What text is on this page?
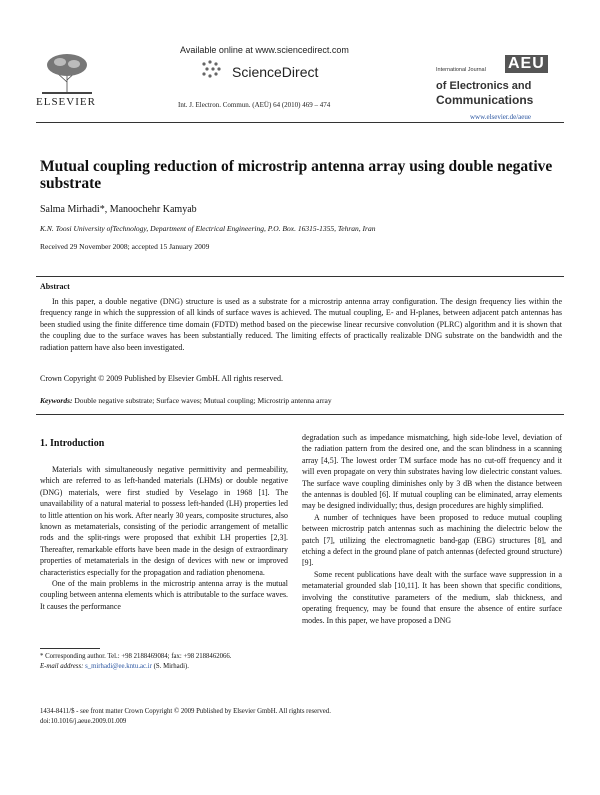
Available online at www.sciencedirect.com
ScienceDirect
Int. J. Electron. Commun. (AEÜ) 64 (2010) 469 – 474
ELSEVIER
International Journal AEU
of Electronics and
Communications
www.elsevier.de/aeue
Mutual coupling reduction of microstrip antenna array using double negative substrate
Salma Mirhadi*, Manoochehr Kamyab
K.N. Toosi University ofTechnology, Department of Electrical Engineering, P.O. Box. 16315-1355, Tehran, Iran
Received 29 November 2008; accepted 15 January 2009
Abstract
In this paper, a double negative (DNG) structure is used as a substrate for a microstrip antenna array configuration. The design frequency lies within the frequency range in which the suppression of all kinds of surface waves is achieved. The mutual coupling, E- and H-planes, between adjacent patch antennas has been studied using the finite difference time domain (FDTD) method based on the piecewise linear recursive convolution (PLRC) algorithm and it is shown that the coupling due to the surface waves has been substantially reduced. The limiting effects of practically realizable DNG substrate on the bandwidth and the radiation pattern have also been investigated.
Crown Copyright © 2009 Published by Elsevier GmbH. All rights reserved.
Keywords: Double negative substrate; Surface waves; Mutual coupling; Microstrip antenna array
1. Introduction

Materials with simultaneously negative permittivity and permeability, which are referred to as left-handed materials (LHMs) or double negative (DNG) materials, were first studied by Veselago in 1968 [1]. The unavailability of a natural material to possess left-handed (LH) properties led to little attention on his work. After nearly 30 years, composite structures, also known as metamaterials, consisting of the periodic arrangement of metallic rods and the split-rings were proposed that exhibit LH properties [2,3]. Thereafter, remarkable efforts have been made in the design of extraordinary properties of metamaterials in the design of devices with new or improved characteristics especially for the propagation and radiation phenomena.

One of the main problems in the microstrip antenna array is the mutual coupling between antenna elements which is attributable to the surface waves. It causes the performance

degradation such as impedance mismatching, high side-lobe level, deviation of the radiation pattern from the desired one, and the scan blindness in a scanning array [4,5]. The lowest order TM surface mode has no cut-off frequency and it will even propagate on very thin substrates having low dielectric constant values. The surface wave coupling diminishes only by 3 dB when the distance between the antennas is doubled [6]. If mutual coupling can be eliminated, array elements may be designed individually; thus, design procedures are highly simplified.

A number of techniques have been proposed to reduce mutual coupling between microstrip patch antennas such as machining the dielectric below the patch [7], utilizing the electromagnetic band-gap (EBG) structures [8], and etching a defect in the ground plane of patch antennas (defected ground structure) [9].

Some recent publications have dealt with the surface wave suppression in a metamaterial grounded slab [10,11]. It has been shown that specific conditions, involving the constitutive parameters of the medium, slab thickness, and operating frequency, may be found that ensure the absence of entire surface modes. In this paper, we have proposed a DNG

* Corresponding author. Tel.: +98 2188469084; fax: +98 2188462066.
E-mail address: s_mirhadi@ee.kntu.ac.ir (S. Mirhadi).
1434-8411/$ - see front matter Crown Copyright © 2009 Published by Elsevier GmbH. All rights reserved.
doi:10.1016/j.aeue.2009.01.009
